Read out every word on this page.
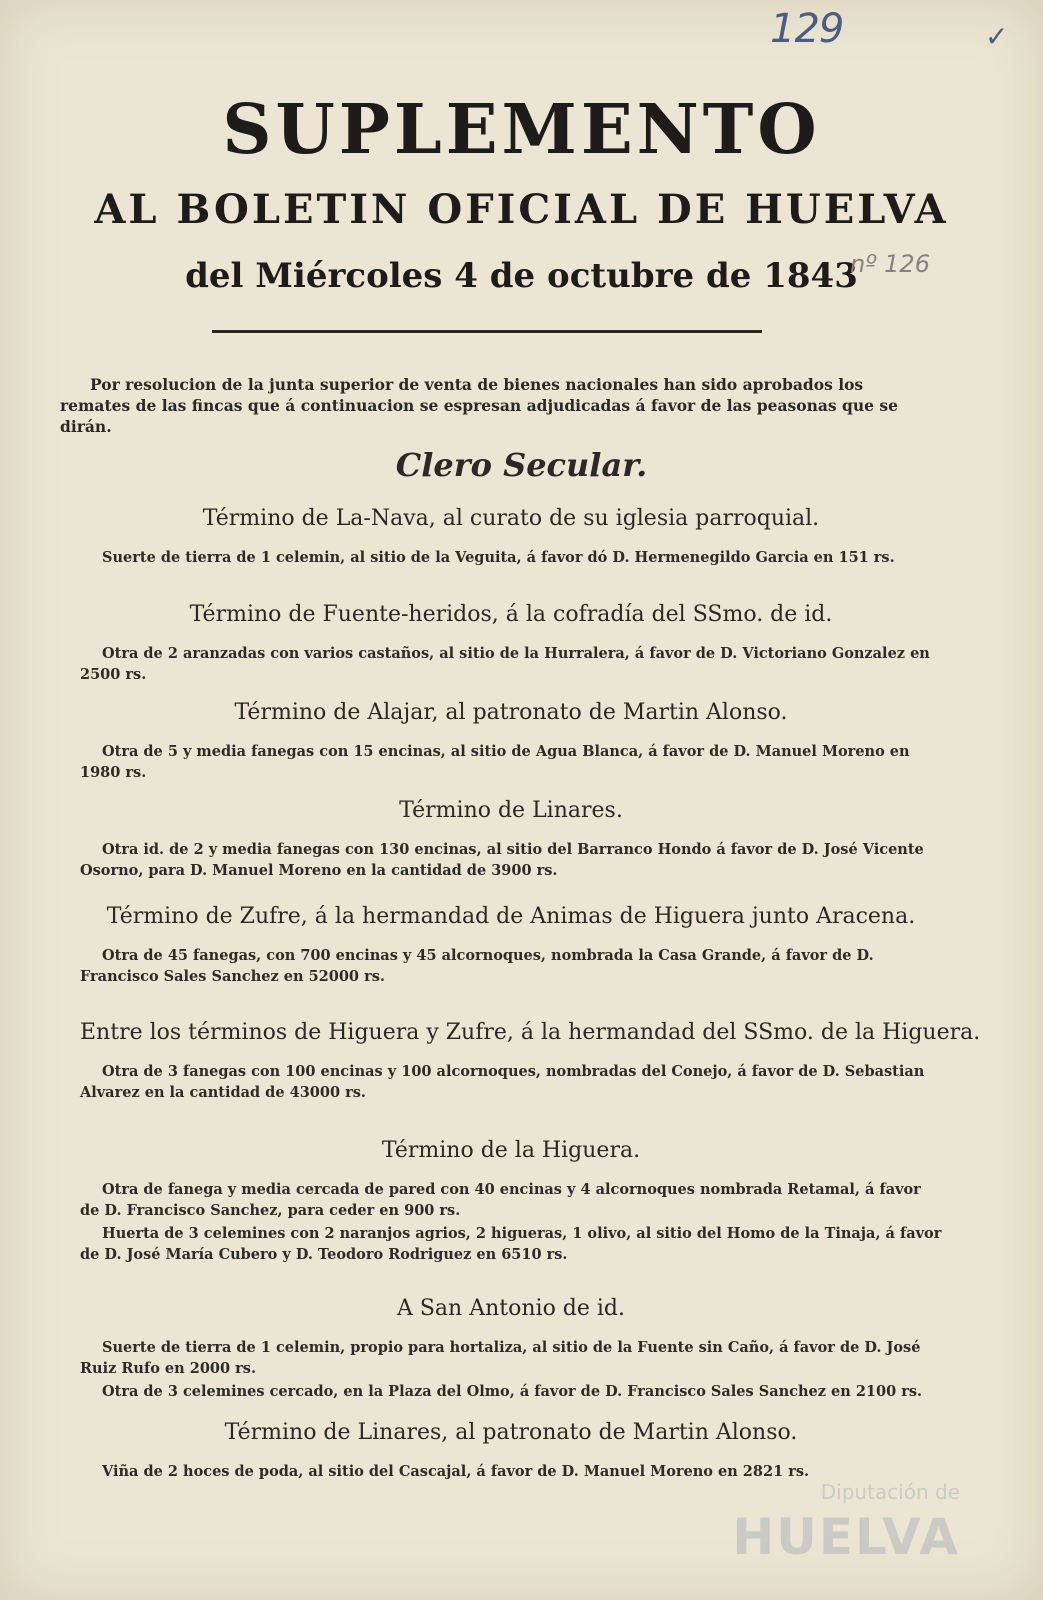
129	✓
SUPLEMENTO
AL BOLETIN OFICIAL DE HUELVA
del Miércoles 4 de octubre de 1843
nº 126
Por resolucion de la junta superior de venta de bienes nacionales han sido aprobados los remates de las fincas que á continuacion se espresan adjudicadas á favor de las peasonas que se dirán.
Clero Secular.
Término de La-Nava, al curato de su iglesia parroquial.
Suerte de tierra de 1 celemin, al sitio de la Veguita, á favor dó D. Hermenegildo Garcia en 151 rs.
Término de Fuente-heridos, á la cofradía del SSmo. de id.
Otra de 2 aranzadas con varios castaños, al sitio de la Hurralera, á favor de D. Victoriano Gonzalez en 2500 rs.
Término de Alajar, al patronato de Martin Alonso.
Otra de 5 y media fanegas con 15 encinas, al sitio de Agua Blanca, á favor de D. Manuel Moreno en 1980 rs.
Término de Linares.
Otra id. de 2 y media fanegas con 130 encinas, al sitio del Barranco Hondo á favor de D. José Vicente Osorno, para D. Manuel Moreno en la cantidad de 3900 rs.
Término de Zufre, á la hermandad de Animas de Higuera junto Aracena.
Otra de 45 fanegas, con 700 encinas y 45 alcornoques, nombrada la Casa Grande, á favor de D. Francisco Sales Sanchez en 52000 rs.
Entre los términos de Higuera y Zufre, á la hermandad del SSmo. de la Higuera.
Otra de 3 fanegas con 100 encinas y 100 alcornoques, nombradas del Conejo, á favor de D. Sebastian Alvarez en la cantidad de 43000 rs.
Término de la Higuera.
Otra de fanega y media cercada de pared con 40 encinas y 4 alcornoques nombrada Retamal, á favor de D. Francisco Sanchez, para ceder en 900 rs.
Huerta de 3 celemines con 2 naranjos agrios, 2 higueras, 1 olivo, al sitio del Homo de la Tinaja, á favor de D. José María Cubero y D. Teodoro Rodriguez en 6510 rs.
A San Antonio de id.
Suerte de tierra de 1 celemin, propio para hortaliza, al sitio de la Fuente sin Caño, á favor de D. José Ruiz Rufo en 2000 rs.
Otra de 3 celemines cercado, en la Plaza del Olmo, á favor de D. Francisco Sales Sanchez en 2100 rs.
Término de Linares, al patronato de Martin Alonso.
Viña de 2 hoces de poda, al sitio del Cascajal, á favor de D. Manuel Moreno en 2821 rs.
Diputación de
HUELVA
